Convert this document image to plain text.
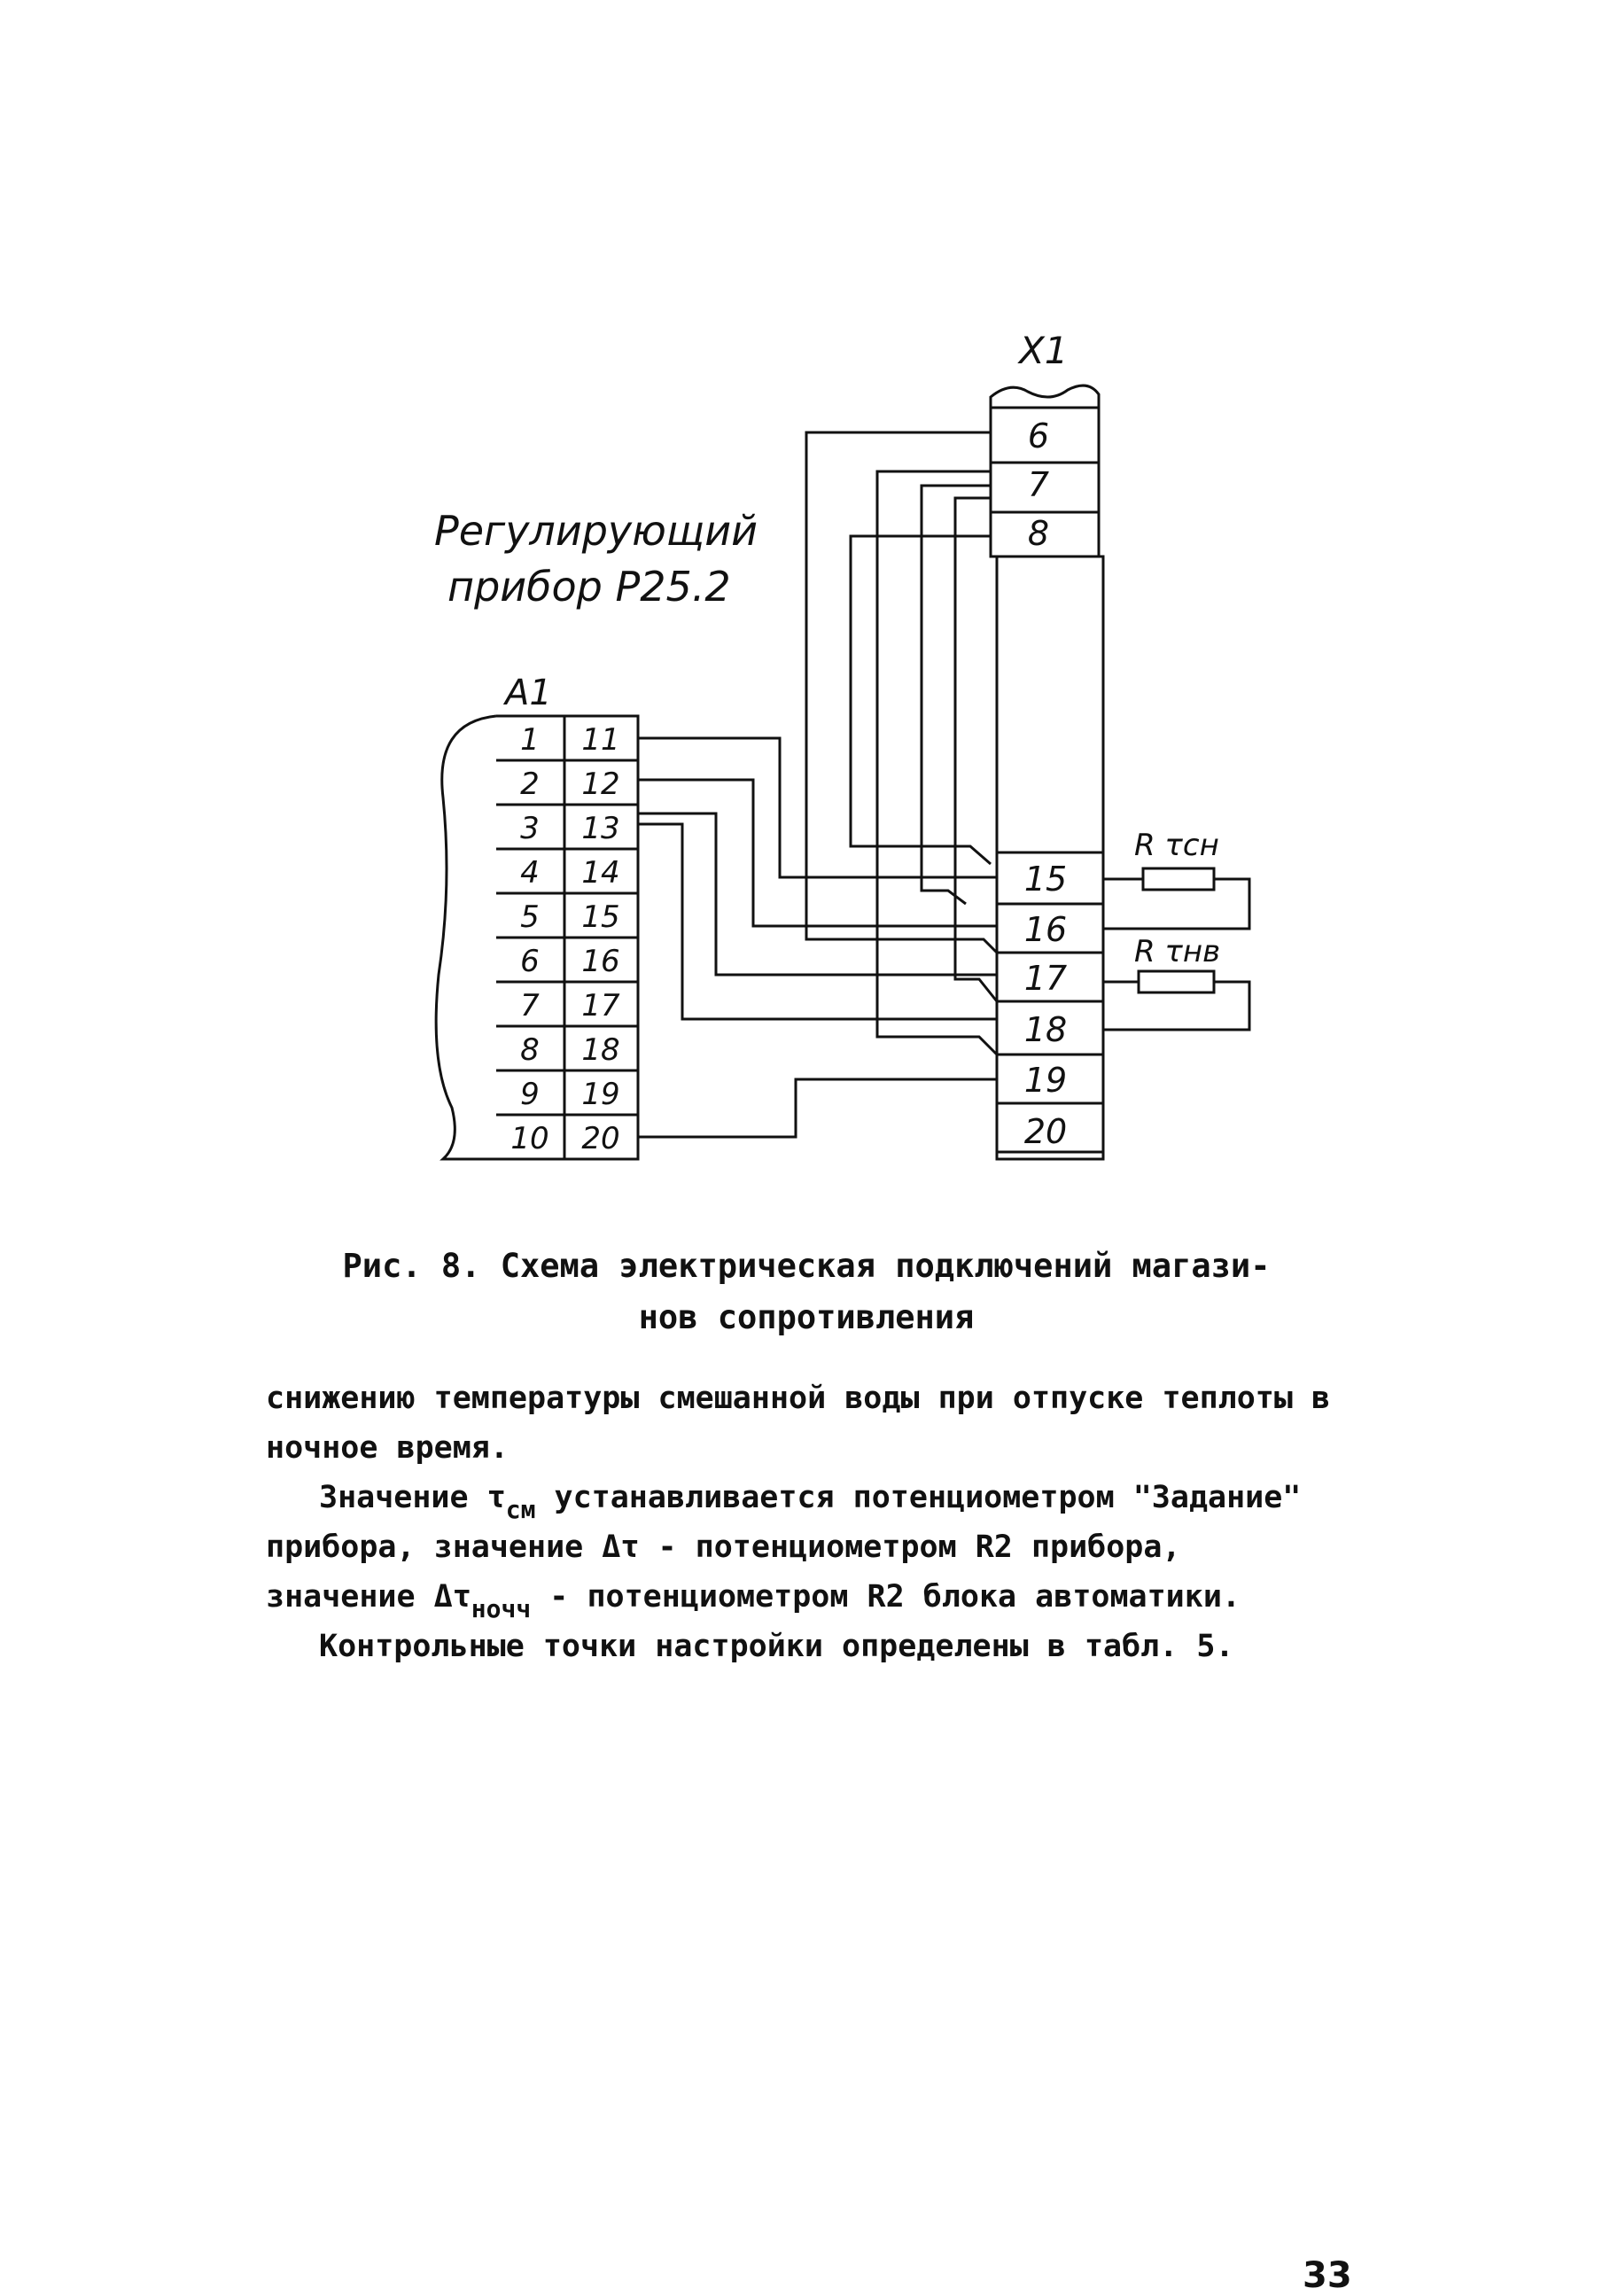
Регулирующий
прибор Р25.2
A1
X1
R τсн
R τнв
1
2
3
4
5
6
7
8
9
10
11
12
13
14
15
16
17
18
19
20
6
7
8
15
16
17
18
19
20
Рис. 8. Схема электрическая подключений магази-
нов сопротивления

снижению температуры смешанной воды при отпуске теплоты в ночное время.

Значение $\tau_{см}$ устанавливается потенциометром "Задание" прибора, значение Δτ - потенциометром R2 прибора, значение $\Delta\tau_{ночч}$ - потенциометром R2 блока автоматики.

Контрольные точки настройки определены в табл. 5.

33
